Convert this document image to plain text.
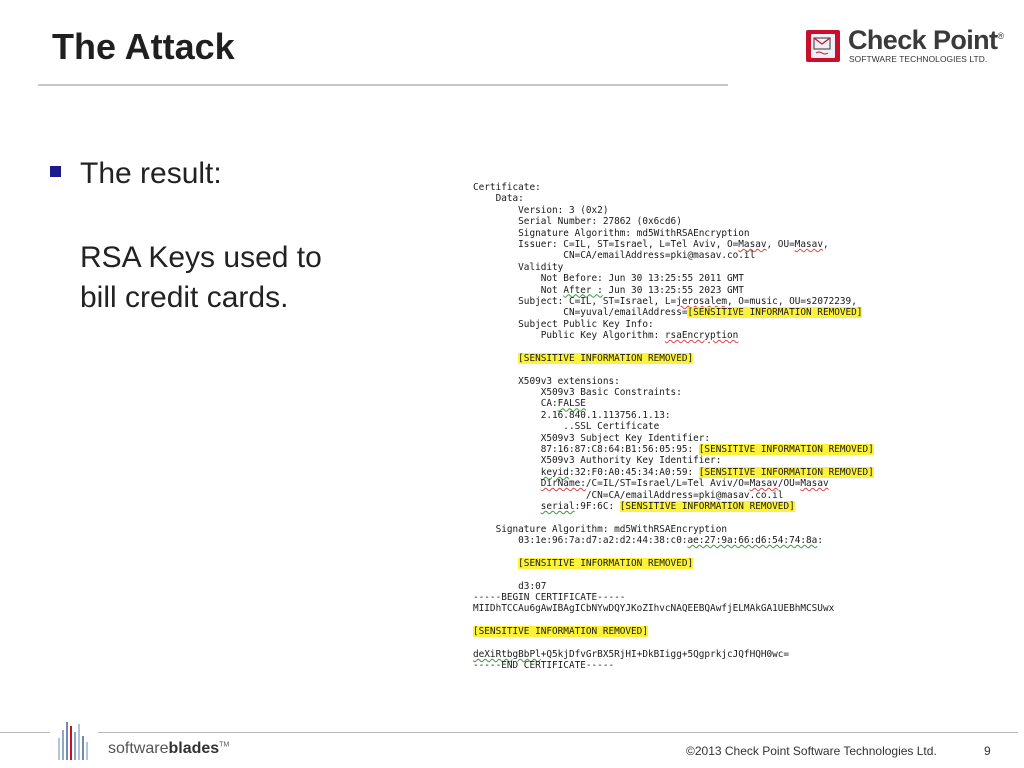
The Attack	Check Point®
SOFTWARE TECHNOLOGIES LTD.
The result:
RSA Keys used to
bill credit cards.
Certificate:
Data:
Version: 3 (0x2)
Serial Number: 27862 (0x6cd6)
Signature Algorithm: md5WithRSAEncryption
Issuer: C=IL, ST=Israel, L=Tel Aviv, O=Masav, OU=Masav,
CN=CA/emailAddress=pki@masav.co.il
Validity
Not Before: Jun 30 13:25:55 2011 GMT
Not After : Jun 30 13:25:55 2023 GMT
Subject: C=IL, ST=Israel, L=jerosalem, O=music, OU=s2072239,
CN=yuval/emailAddress=[SENSITIVE INFORMATION REMOVED]
Subject Public Key Info:
Public Key Algorithm: rsaEncryption
[SENSITIVE INFORMATION REMOVED]
X509v3 extensions:
X509v3 Basic Constraints:
CA:FALSE
2.16.840.1.113756.1.13:
..SSL Certificate
X509v3 Subject Key Identifier:
87:16:87:C8:64:B1:56:05:95: [SENSITIVE INFORMATION REMOVED]
X509v3 Authority Key Identifier:
keyid:32:F0:A0:45:34:A0:59: [SENSITIVE INFORMATION REMOVED]
DirName:/C=IL/ST=Israel/L=Tel Aviv/O=Masav/OU=Masav
/CN=CA/emailAddress=pki@masav.co.il
serial:9F:6C: [SENSITIVE INFORMATION REMOVED]
Signature Algorithm: md5WithRSAEncryption
03:1e:96:7a:d7:a2:d2:44:38:c0:ae:27:9a:66:d6:54:74:8a:
[SENSITIVE INFORMATION REMOVED]
d3:07
-----BEGIN CERTIFICATE-----
MIIDhTCCAu6gAwIBAgICbNYwDQYJKoZIhvcNAQEEBQAwfjELMAkGA1UEBhMCSUwx
[SENSITIVE INFORMATION REMOVED]
deXiRtbgBbPl+Q5kjDfvGrBX5RjHI+DkBIigg+5QgprkjcJQfHQH0wc=
-----END CERTIFICATE-----
softwareblades™	©2013 Check Point Software Technologies Ltd.	9
